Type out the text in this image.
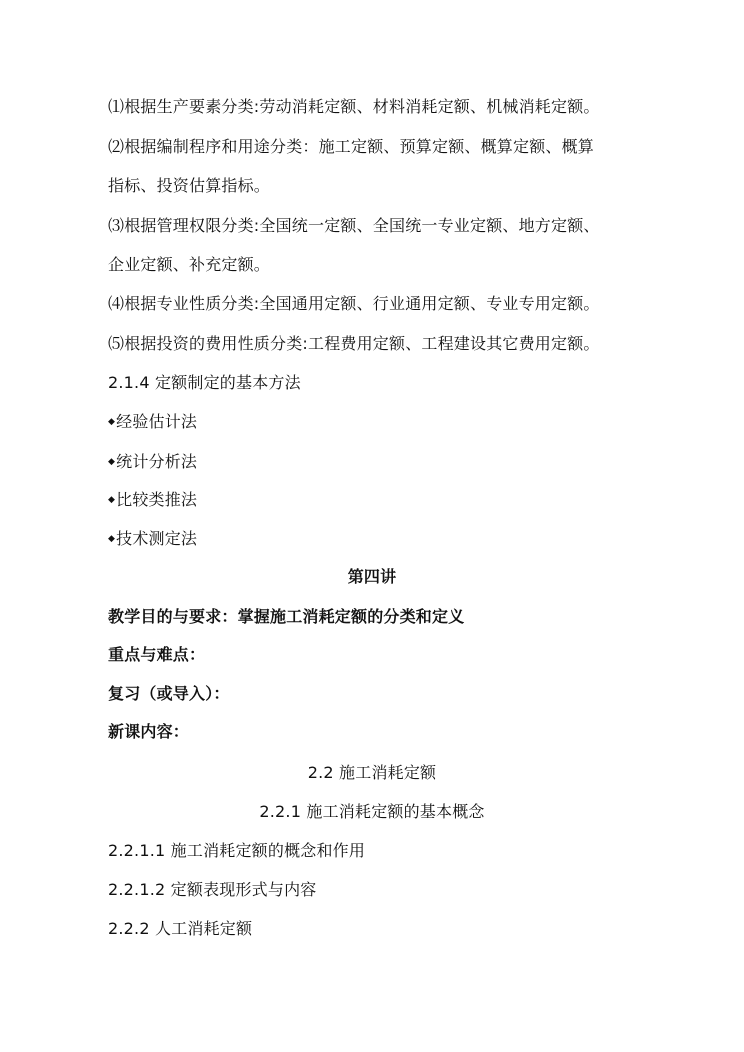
⑴根据生产要素分类:劳动消耗定额、材料消耗定额、机械消耗定额。
⑵根据编制程序和用途分类：施工定额、预算定额、概算定额、概算
指标、投资估算指标。
⑶根据管理权限分类:全国统一定额、全国统一专业定额、地方定额、
企业定额、补充定额。
⑷根据专业性质分类:全国通用定额、行业通用定额、专业专用定额。
⑸根据投资的费用性质分类:工程费用定额、工程建设其它费用定额。
2.1.4 定额制定的基本方法
◆经验估计法
◆统计分析法
◆比较类推法
◆技术测定法
第四讲
教学目的与要求：掌握施工消耗定额的分类和定义
重点与难点：
复习（或导入）：
新课内容：
2.2 施工消耗定额
2.2.1 施工消耗定额的基本概念
2.2.1.1 施工消耗定额的概念和作用
2.2.1.2 定额表现形式与内容
2.2.2 人工消耗定额
